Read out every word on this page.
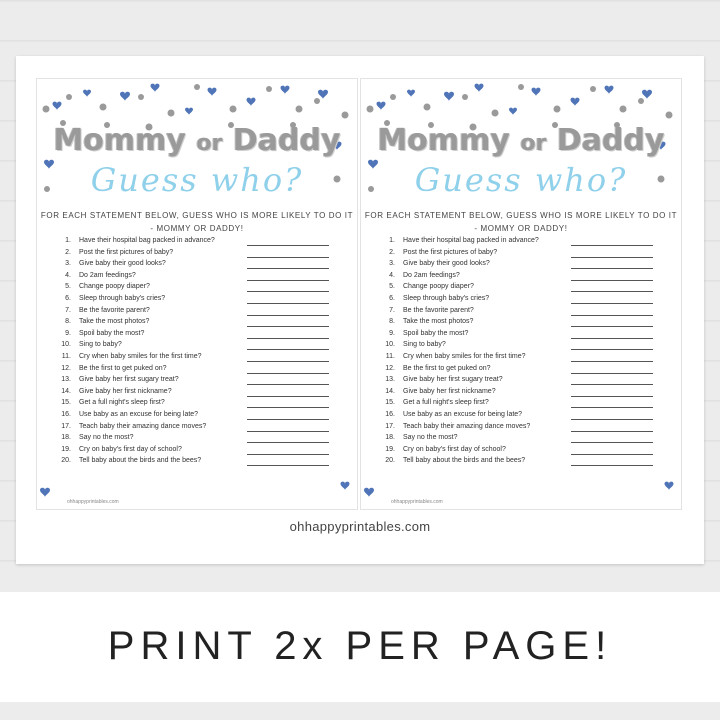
Mommy or Daddy
Guess who?
FOR EACH STATEMENT BELOW, GUESS WHO IS MORE LIKELY TO DO IT
- MOMMY OR DADDY!
1. Have their hospital bag packed in advance?
2. Post the first pictures of baby?
3. Give baby their good looks?
4. Do 2am feedings?
5. Change poopy diaper?
6. Sleep through baby's cries?
7. Be the favorite parent?
8. Take the most photos?
9. Spoil baby the most?
10. Sing to baby?
11. Cry when baby smiles for the first time?
12. Be the first to get puked on?
13. Give baby her first sugary treat?
14. Give baby her first nickname?
15. Get a full night's sleep first?
16. Use baby as an excuse for being late?
17. Teach baby their amazing dance moves?
18. Say no the most?
19. Cry on baby's first day of school?
20. Tell baby about the birds and the bees?
ohhappyprintables.com
Mommy or Daddy
Guess who?
FOR EACH STATEMENT BELOW, GUESS WHO IS MORE LIKELY TO DO IT
- MOMMY OR DADDY!
1. Have their hospital bag packed in advance?
2. Post the first pictures of baby?
3. Give baby their good looks?
4. Do 2am feedings?
5. Change poopy diaper?
6. Sleep through baby's cries?
7. Be the favorite parent?
8. Take the most photos?
9. Spoil baby the most?
10. Sing to baby?
11. Cry when baby smiles for the first time?
12. Be the first to get puked on?
13. Give baby her first sugary treat?
14. Give baby her first nickname?
15. Get a full night's sleep first?
16. Use baby as an excuse for being late?
17. Teach baby their amazing dance moves?
18. Say no the most?
19. Cry on baby's first day of school?
20. Tell baby about the birds and the bees?
ohhappyprintables.com
ohhappyprintables.com
PRINT 2x PER PAGE!
